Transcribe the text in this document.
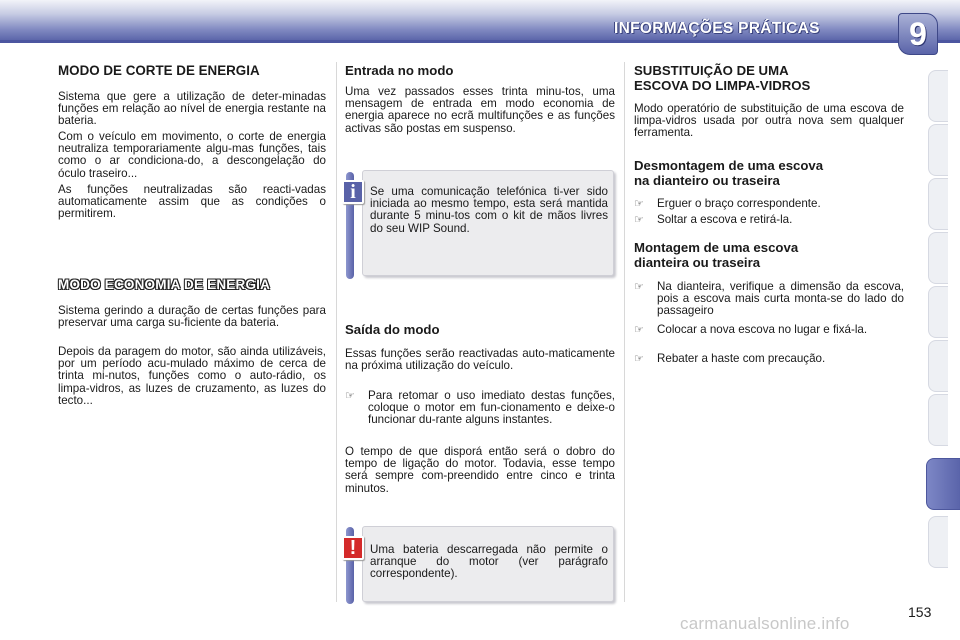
INFORMAÇÕES PRÁTICAS	9
MODO DE CORTE DE ENERGIA
Sistema que gere a utilização de deter-minadas funções em relação ao nível de energia restante na bateria.
Com o veículo em movimento, o corte de energia neutraliza temporariamente algu-mas funções, tais como o ar condiciona-do, a descongelação do óculo traseiro...
As funções neutralizadas são reacti-vadas automaticamente assim que as condições o permitirem.
MODO ECONOMIA DE ENERGIA
Sistema gerindo a duração de certas funções para preservar uma carga su-ficiente da bateria.
Depois da paragem do motor, são ainda utilizáveis, por um período acu-mulado máximo de cerca de trinta mi-nutos, funções como o auto-rádio, os limpa-vidros, as luzes de cruzamento, as luzes do tecto...
Entrada no modo
Uma vez passados esses trinta minu-tos, uma mensagem de entrada em modo economia de energia aparece no ecrã multifunções e as funções activas são postas em suspenso.
Se uma comunicação telefónica ti-ver sido iniciada ao mesmo tempo, esta será mantida durante 5 minu-tos com o kit de mãos livres do seu WIP Sound.
i
Saída do modo
Essas funções serão reactivadas auto-maticamente na próxima utilização do veículo.
☞ Para retomar o uso imediato destas funções, coloque o motor em fun-cionamento e deixe-o funcionar du-rante alguns instantes.
O tempo de que disporá então será o dobro do tempo de ligação do motor. Todavia, esse tempo será sempre com-preendido entre cinco e trinta minutos.
Uma bateria descarregada não permite o arranque do motor (ver parágrafo correspondente).
!
SUBSTITUIÇÃO DE UMA
ESCOVA DO LIMPA-VIDROS
Modo operatório de substituição de uma escova de limpa-vidros usada por outra nova sem qualquer ferramenta.
Desmontagem de uma escova
na dianteiro ou traseira
☞ Erguer o braço correspondente.
☞ Soltar a escova e retirá-la.
Montagem de uma escova
dianteira ou traseira
☞ Na dianteira, verifique a dimensão da escova, pois a escova mais curta monta-se do lado do passageiro
☞ Colocar a nova escova no lugar e fixá-la.
☞ Rebater a haste com precaução.
153
carmanualsonline.info
